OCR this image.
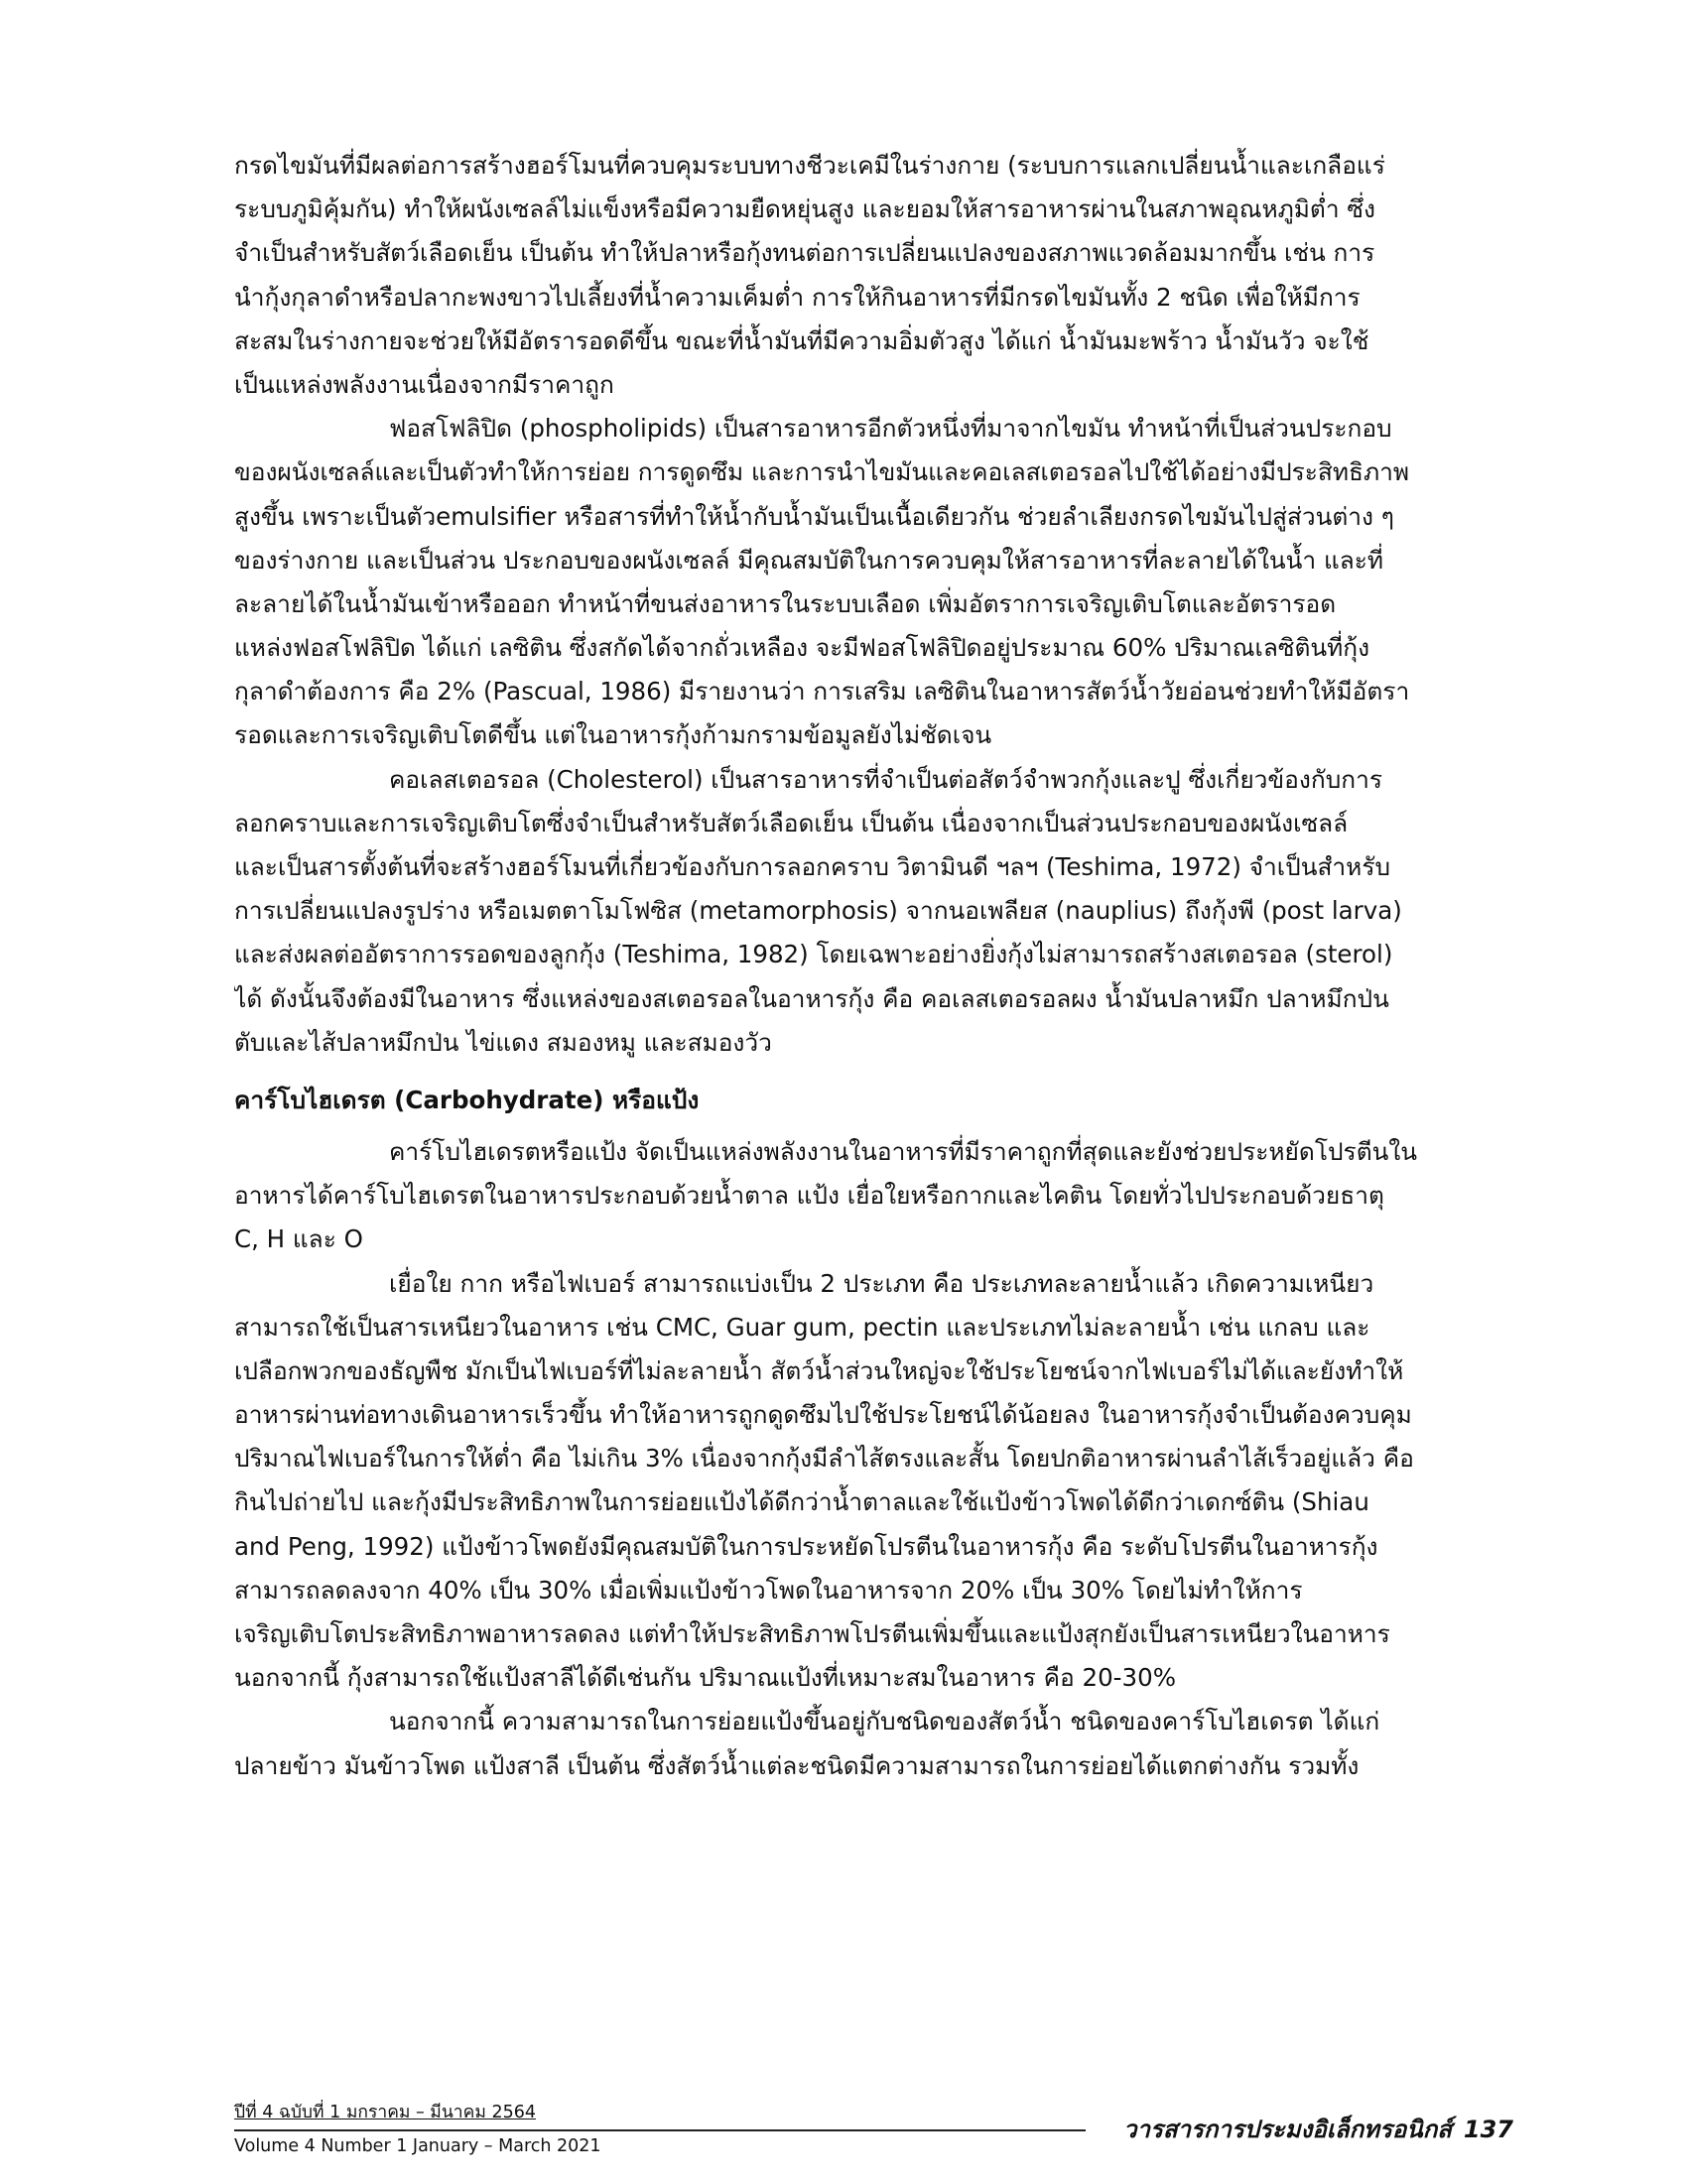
กรดไขมันที่มีผลต่อการสร้างฮอร์โมนที่ควบคุมระบบทางชีวะเคมีในร่างกาย (ระบบการแลกเปลี่ยนน้ำและเกลือแร่
ระบบภูมิคุ้มกัน) ทำให้ผนังเซลล์ไม่แข็งหรือมีความยืดหยุ่นสูง และยอมให้สารอาหารผ่านในสภาพอุณหภูมิต่ำ ซึ่ง
จำเป็นสำหรับสัตว์เลือดเย็น เป็นต้น ทำให้ปลาหรือกุ้งทนต่อการเปลี่ยนแปลงของสภาพแวดล้อมมากขึ้น เช่น การ
นำกุ้งกุลาดำหรือปลากะพงขาวไปเลี้ยงที่น้ำความเค็มต่ำ การให้กินอาหารที่มีกรดไขมันทั้ง 2 ชนิด เพื่อให้มีการ
สะสมในร่างกายจะช่วยให้มีอัตรารอดดีขึ้น ขณะที่น้ำมันที่มีความอิ่มตัวสูง ได้แก่ น้ำมันมะพร้าว น้ำมันวัว จะใช้
เป็นแหล่งพลังงานเนื่องจากมีราคาถูก
ฟอสโฟลิปิด (phospholipids) เป็นสารอาหารอีกตัวหนึ่งที่มาจากไขมัน ทำหน้าที่เป็นส่วนประกอบ
ของผนังเซลล์และเป็นตัวทำให้การย่อย การดูดซึม และการนำไขมันและคอเลสเตอรอลไปใช้ได้อย่างมีประสิทธิภาพ
สูงขึ้น เพราะเป็นตัวemulsifier หรือสารที่ทำให้น้ำกับน้ำมันเป็นเนื้อเดียวกัน ช่วยลำเลียงกรดไขมันไปสู่ส่วนต่าง ๆ
ของร่างกาย และเป็นส่วน ประกอบของผนังเซลล์ มีคุณสมบัติในการควบคุมให้สารอาหารที่ละลายได้ในน้ำ และที่
ละลายได้ในน้ำมันเข้าหรือออก ทำหน้าที่ขนส่งอาหารในระบบเลือด เพิ่มอัตราการเจริญเติบโตและอัตรารอด
แหล่งฟอสโฟลิปิด ได้แก่ เลซิติน ซึ่งสกัดได้จากถั่วเหลือง จะมีฟอสโฟลิปิดอยู่ประมาณ 60% ปริมาณเลซิตินที่กุ้ง
กุลาดำต้องการ คือ 2% (Pascual, 1986) มีรายงานว่า การเสริม เลซิตินในอาหารสัตว์น้ำวัยอ่อนช่วยทำให้มีอัตรา
รอดและการเจริญเติบโตดีขึ้น แต่ในอาหารกุ้งก้ามกรามข้อมูลยังไม่ชัดเจน
คอเลสเตอรอล (Cholesterol) เป็นสารอาหารที่จำเป็นต่อสัตว์จำพวกกุ้งและปู ซึ่งเกี่ยวข้องกับการ
ลอกคราบและการเจริญเติบโตซึ่งจำเป็นสำหรับสัตว์เลือดเย็น เป็นต้น เนื่องจากเป็นส่วนประกอบของผนังเซลล์
และเป็นสารตั้งต้นที่จะสร้างฮอร์โมนที่เกี่ยวข้องกับการลอกคราบ วิตามินดี ฯลฯ (Teshima, 1972) จำเป็นสำหรับ
การเปลี่ยนแปลงรูปร่าง หรือเมตตาโมโฟซิส (metamorphosis) จากนอเพลียส (nauplius) ถึงกุ้งพี (post larva)
และส่งผลต่ออัตราการรอดของลูกกุ้ง (Teshima, 1982) โดยเฉพาะอย่างยิ่งกุ้งไม่สามารถสร้างสเตอรอล (sterol)
ได้ ดังนั้นจึงต้องมีในอาหาร ซึ่งแหล่งของสเตอรอลในอาหารกุ้ง คือ คอเลสเตอรอลผง น้ำมันปลาหมึก ปลาหมึกป่น
ตับและไส้ปลาหมึกป่น ไข่แดง สมองหมู และสมองวัว
คาร์โบไฮเดรต (Carbohydrate) หรือแป้ง
คาร์โบไฮเดรตหรือแป้ง จัดเป็นแหล่งพลังงานในอาหารที่มีราคาถูกที่สุดและยังช่วยประหยัดโปรตีนใน
อาหารได้คาร์โบไฮเดรตในอาหารประกอบด้วยน้ำตาล แป้ง เยื่อใยหรือกากและไคติน โดยทั่วไปประกอบด้วยธาตุ
C, H และ O
เยื่อใย กาก หรือไฟเบอร์ สามารถแบ่งเป็น 2 ประเภท คือ ประเภทละลายน้ำแล้ว เกิดความเหนียว
สามารถใช้เป็นสารเหนียวในอาหาร เช่น CMC, Guar gum, pectin และประเภทไม่ละลายน้ำ เช่น แกลบ และ
เปลือกพวกของธัญพืช มักเป็นไฟเบอร์ที่ไม่ละลายน้ำ สัตว์น้ำส่วนใหญ่จะใช้ประโยชน์จากไฟเบอร์ไม่ได้และยังทำให้
อาหารผ่านท่อทางเดินอาหารเร็วขึ้น ทำให้อาหารถูกดูดซึมไปใช้ประโยชน์ได้น้อยลง ในอาหารกุ้งจำเป็นต้องควบคุม
ปริมาณไฟเบอร์ในการให้ต่ำ คือ ไม่เกิน 3% เนื่องจากกุ้งมีลำไส้ตรงและสั้น โดยปกติอาหารผ่านลำไส้เร็วอยู่แล้ว คือ
กินไปถ่ายไป และกุ้งมีประสิทธิภาพในการย่อยแป้งได้ดีกว่าน้ำตาลและใช้แป้งข้าวโพดได้ดีกว่าเดกซ์ติน (Shiau
and Peng, 1992) แป้งข้าวโพดยังมีคุณสมบัติในการประหยัดโปรตีนในอาหารกุ้ง คือ ระดับโปรตีนในอาหารกุ้ง
สามารถลดลงจาก 40% เป็น 30% เมื่อเพิ่มแป้งข้าวโพดในอาหารจาก 20% เป็น 30% โดยไม่ทำให้การ
เจริญเติบโตประสิทธิภาพอาหารลดลง แต่ทำให้ประสิทธิภาพโปรตีนเพิ่มขึ้นและแป้งสุกยังเป็นสารเหนียวในอาหาร
นอกจากนี้ กุ้งสามารถใช้แป้งสาลีได้ดีเช่นกัน ปริมาณแป้งที่เหมาะสมในอาหาร คือ 20-30%
นอกจากนี้ ความสามารถในการย่อยแป้งขึ้นอยู่กับชนิดของสัตว์น้ำ ชนิดของคาร์โบไฮเดรต ได้แก่
ปลายข้าว มันข้าวโพด แป้งสาลี เป็นต้น ซึ่งสัตว์น้ำแต่ละชนิดมีความสามารถในการย่อยได้แตกต่างกัน รวมทั้ง
ปีที่ 4 ฉบับที่ 1 มกราคม – มีนาคม 2564
Volume 4 Number 1 January – March 2021
วารสารการประมงอิเล็กทรอนิกส์ 137
